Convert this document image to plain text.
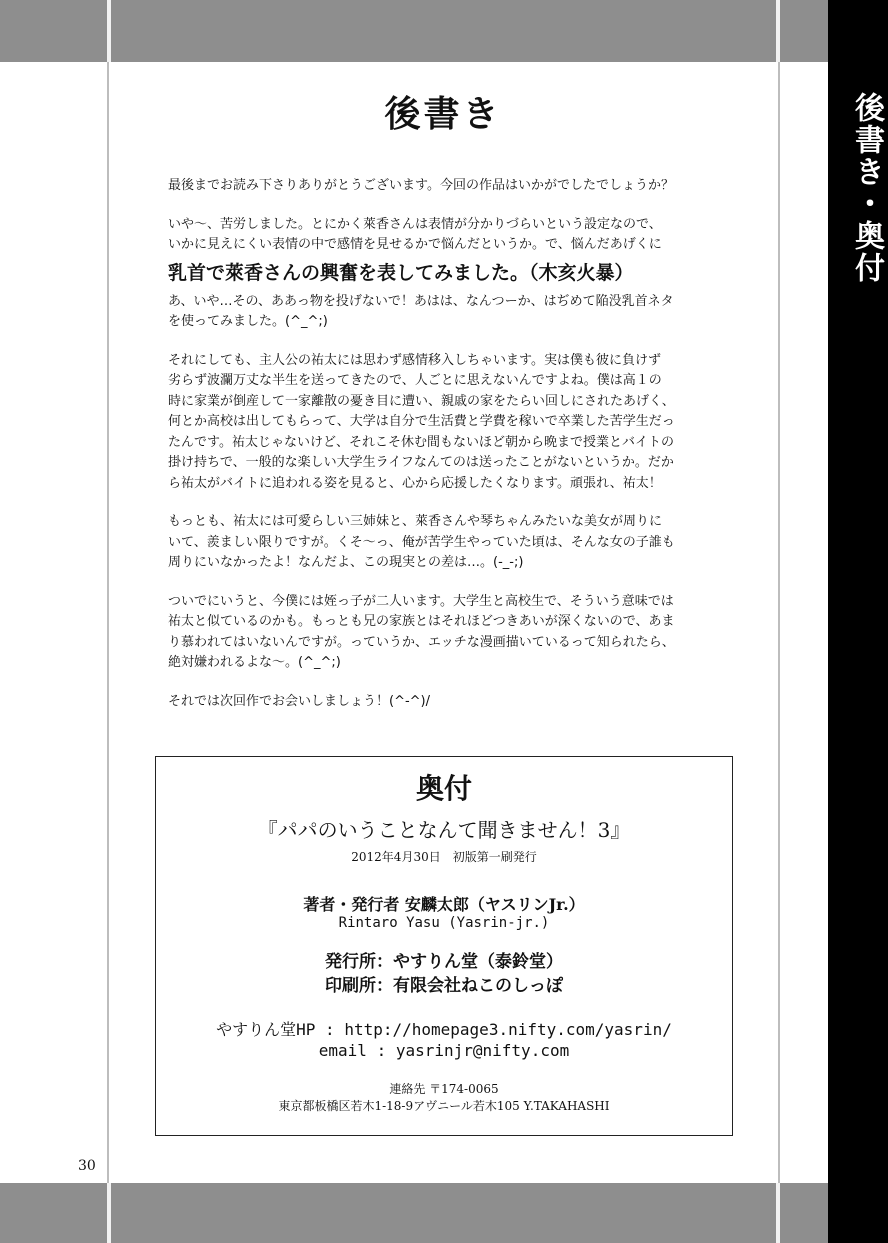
後書き・奥付
後書き

最後までお読み下さりありがとうございます。今回の作品はいかがでしたでしょうか？

いや〜、苦労しました。とにかく萊香さんは表情が分かりづらいという設定なので、
いかに見えにくい表情の中で感情を見せるかで悩んだというか。で、悩んだあげくに

乳首で萊香さんの興奮を表してみました。（木亥火暴）

あ、いや…その、ああっ物を投げないで！あはは、なんつーか、はぢめて陥没乳首ネタ
を使ってみました。(^_^;)

それにしても、主人公の祐太には思わず感情移入しちゃいます。実は僕も彼に負けず
劣らず波瀾万丈な半生を送ってきたので、人ごとに思えないんですよね。僕は高１の
時に家業が倒産して一家離散の憂き目に遭い、親戚の家をたらい回しにされたあげく、
何とか高校は出してもらって、大学は自分で生活費と学費を稼いで卒業した苦学生だっ
たんです。祐太じゃないけど、それこそ休む間もないほど朝から晩まで授業とバイトの
掛け持ちで、一般的な楽しい大学生ライフなんてのは送ったことがないというか。だか
ら祐太がバイトに追われる姿を見ると、心から応援したくなります。頑張れ、祐太！

もっとも、祐太には可愛らしい三姉妹と、萊香さんや琴ちゃんみたいな美女が周りに
いて、羨ましい限りですが。くそ〜っ、俺が苦学生やっていた頃は、そんな女の子誰も
周りにいなかったよ！なんだよ、この現実との差は…。(-_-;)

ついでにいうと、今僕には姪っ子が二人います。大学生と高校生で、そういう意味では
祐太と似ているのかも。もっとも兄の家族とはそれほどつきあいが深くないので、あま
り慕われてはいないんですが。っていうか、エッチな漫画描いているって知られたら、
絶対嫌われるよな〜。(^_^;)

それでは次回作でお会いしましょう！(^-^)/

奥付
『パパのいうことなんて聞きません！3』
2012年4月30日　初版第一刷発行
著者・発行者 安麟太郎（ヤスリンJr.）
Rintaro Yasu (Yasrin-jr.)
発行所：やすりん堂（泰鈴堂）
印刷所：有限会社ねこのしっぽ
やすりん堂HP : http://homepage3.nifty.com/yasrin/
email : yasrinjr@nifty.com
連絡先 〒174-0065
東京都板橋区若木1-18-9アヴニール若木105 Y.TAKAHASHI
30
